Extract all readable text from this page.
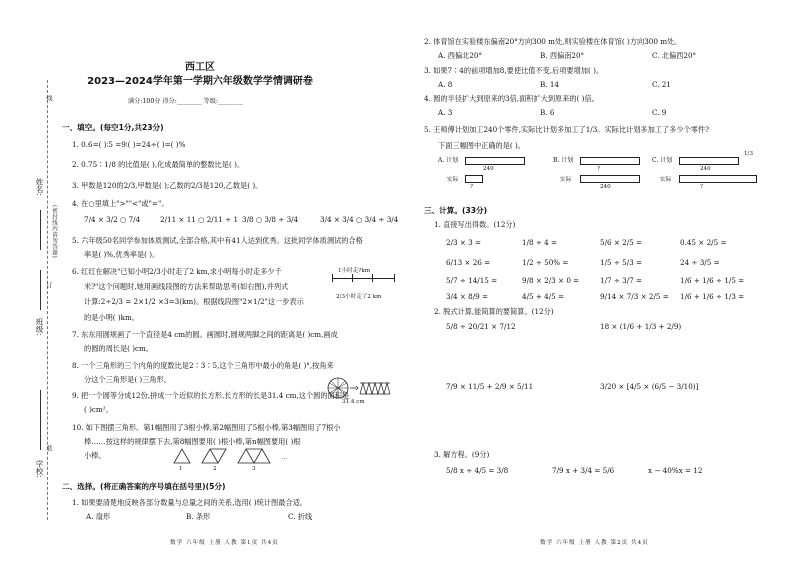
姓名:
班级:
学校:
(密封线内请勿答题)
线
订
装
西工区
2023—2024学年第一学期六年级数学学情调研卷
满分:100分 得分:________ 等级:________
一、填空。(每空1分,共23分)
1. 0.6=( )∶5 =9∶( )=24÷( )=( )%
2. 0.75∶1/8 的比值是( ),化成最简单的整数比是( )。
3. 甲数是120的2/3,甲数是( );乙数的2/3是120,乙数是( )。
4. 在○里填上">""<"或"="。
7/4 × 3/2 ○ 7/4	2/11 × 11 ○ 2/11 ÷ 1 3/8 ○ 3/8 ÷ 3/4	3/4 × 3/4 ○ 3/4 ÷ 3/4
5. 六年级50名同学参加体质测试,全部合格,其中有41人达到优秀。这批同学体质测试的合格
率是( )%,优秀率是( )。
6. 红红在解决"已知小明2/3小时走了2 km,求小明每小时走多少千
米?"这个问题时,她用画线段图的方法来帮助思考(如右图),并列式
计算:2÷2/3 = 2×1/2 ×3=3(km)。根据线段图"2×1/2"这一步表示
的是小明( )km。
1小时走?km
2/3小时走了2 km
7. 东东用圆规画了一个直径是4 cm的圆。画圆时,圆规两脚之间的距离是( )cm,画成
的圆的周长是( )cm。
8. 一个三角形的三个内角的度数比是2∶3∶5,这个三角形中最小的角是( )°,按角来
分这个三角形是( )三角形。
9. 把一个圆等分成12份,拼成一个近似的长方形,长方形的长是31.4 cm,这个圆的面积是
( )cm²。
31.4 cm
10. 如下图摆三角形。第1幅图用了3根小棒,第2幅图用了5根小棒,第3幅图用了7根小
棒……按这样的规律摆下去,第8幅图要用( )根小棒,第n幅图要用( )根
小棒。
1	2	3
…
二、选择。(将正确答案的序号填在括号里)(5分)
1. 如果要清楚地反映各部分数量与总量之间的关系,选用( )统计图最合适。
A. 扇形	B. 条形	C. 折线
数学 六年级 上册 人教 第1页 共4页
2. 体育馆在实验楼东偏南20°方向300 m处,则实验楼在体育馆( )方向300 m处。
A. 西偏北20°	B. 西偏南20°	C. 北偏西20°
3. 如果7∶4的前项增加8,要使比值不变,后项要增加( )。
A. 8	B. 14	C. 21
4. 圆的半径扩大到原来的3倍,面积扩大到原来的( )倍。
A. 3	B. 6	C. 9
5. 王师傅计划加工240个零件,实际比计划多加工了1/3。实际比计划多加工了多少个零件?
下面三幅图中正确的是( )。
A. 计划
240
实际
?
B. 计划
?
实际
240
C. 计划
240
实际
1/3
?
三、计算。(33分)
1. 直接写出得数。(12分)
2/3 × 3 =	1/8 ÷ 4 =	5/6 × 2/5 =	0.45 × 2/5 =
6/13 × 26 =	1/2 ÷ 50% =	1/5 ÷ 5/3 =	24 ÷ 3/5 =
5/7 ÷ 14/15 =	9/8 × 2/3 × 0 =	1/7 ÷ 3/7 =	1/6 + 1/6 ÷ 1/5 =
3/4 × 8/9 =	4/5 + 4/5 =	9/14 × 7/3 × 2/5 = 1/6 + 1/6 ÷ 1/3 =
2. 脱式计算,能简算的要简算。(12分)
5/8 ÷ 20/21 × 7/12	18 × (1/6 + 1/3 + 2/9)
7/9 × 11/5 + 2/9 × 5/11	3/20 × [4/5 × (6/5 − 3/10)]
3. 解方程。(9分)
5/8 x ÷ 4/5 = 3/8	7/9 x + 3/4 = 5/6	x − 40%x = 12
数学 六年级 上册 人教 第2页 共4页
